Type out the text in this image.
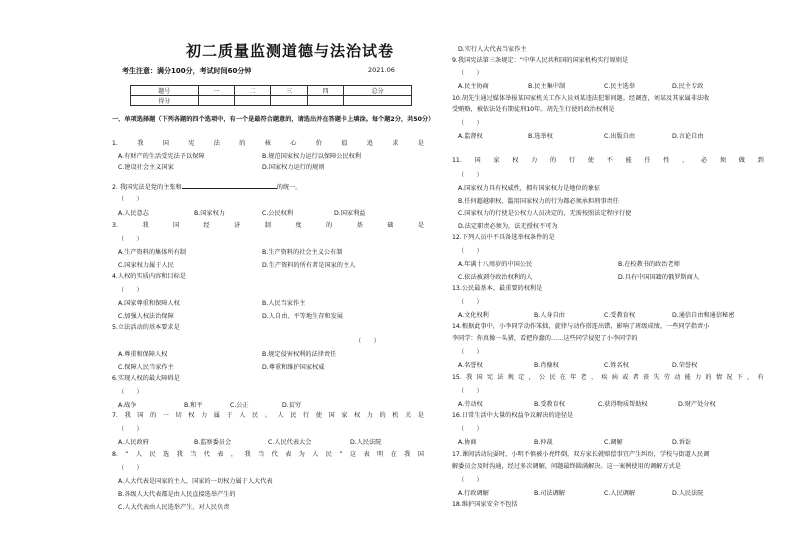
初二质量监测道德与法治试卷
考生注意：满分100分，考试时间60分钟	2021.06
题号	一	二	三	四	总分
得分					
一、单项选择题（下列各题的四个选项中，有一个是最符合题意的，请选出并在答题卡上填涂。每个题2分，共50分）
1.	我	国	宪	法	的	核	心	价	值	追	求	是
A.有财产的生活受宪法予以保障	B.规范国家权力运行以保障公民权利
C.建设社会主义国家	D.国家权力运行的规则
2. 我国宪法是党的主张和	的统一。
（　　）
A.人民意志	B.国家权力	C.公民权利	D.国家利益
3.	我	国	经	济	制	度	的	基	础	是
（　　）
A.生产资料的集体所有制	B.生产资料的社会主义公有制
C.国家权力属于人民	D.生产资料的所有者是国家的主人
4.人权的实质内容和目标是
（　　）
A.国家尊重和保障人权	B.人民当家作主
C.加强人权法治保障	D.人自由、平等地生存和发展
5.立法活动的基本要求是
（　　）
A.尊重和保障人权	B.规定侵害权利的法律责任
C.保障人民当家作主	D.尊重和维护国家权威
6.实现人权的最大障碍是
（　　）
A.战争	B.和平	C.公正	D.贫穷
7. 我 国 的 一 切 权 力 属 于 人 民 。 人 民 行 使 国 家 权 力 的 机 关 是
（　　）
A.人民政府	B.监察委员会	C.人民代表大会	D.人民法院
8. “ 人 民 选 我 当 代 表 ， 我 当 代 表 为 人 民 ” 这 表 明 在 我 国
（　　）
A.人大代表是国家的主人，国家的一切权力属于人大代表
B.各级人大代表都是由人民直接选举产生的
C.人大代表由人民选举产生，对人民负责
D.实行人大代表当家作主
9.我国宪法第三条规定：“中华人民共和国的国家机构实行原则是
（　　）
A.民主协商	B.民主集中制	C.民主选举	D.民主专政
10.胡先生通过媒体举报某国家机关工作人员刘某违法犯罪问题。经调查，刘某及其家属非法收
受贿赂，被依法处有期徒刑10年。胡先生行使的政治权利是
（　　）
A.监督权	B.选举权	C.出版自由	D.言论自由
11. 国 家 权 力 的 行 使 不 能 任 性 ， 必 须 做 到
（　　）
A.国家权力具有权威性，拥有国家权力是地位的象征
B.任何超越职权、滥用国家权力的行为都必须承担刑事责任
C.国家权力的行使是公权力人员决定的，无需按照法定程序行使
D.法定职责必须为，法无授权不可为
12.下列人员中不具备选举权条件的是
（　　）
A.年满十八周岁的中国公民	B.在校教书的政治老师
C.依法被剥夺政治权利的人	D.具有中国国籍的俄罗斯商人
13.公民最基本、最重要的权利是
（　　）
A.文化权利	B.人身自由	C.受教育权	D.通信自由和通信秘密
14.根据此事中，小李同学动作笨拙，旋律与动作搭连出错，影响了班级成绩。一些同学指责小
李同学：你真像一头猪，看把你蠢的……这些同学侵犯了小李同学的
（　　）
A.名誉权	B.肖像权	C.姓名权	D.荣誉权
15. 我 国 宪 法 规 定 ， 公 民 在 年 老 、 疾 病 或 者 丧 失 劳 动 能 力 的 情 况 下 ， 有
（　　）
A.劳动权	B.受教育权	C.获得物质帮助权	D.财产处分权
16.日常生活中大量的权益争议解决的途径是
（　　）
A.协商	B.仲裁	C.调解	D.诉讼
17.课间活动玩耍时，小明不慎被小亮绊倒，双方家长就赔偿事宜产生纠纷，学校与街道人民调
解委员会及时沟通，经过多次调解，问题最终圆满解决。这一案例使用的调解方式是
（　　）
A.行政调解	B.司法调解	C.人民调解	D.人民法院
18.维护国家安全不包括
